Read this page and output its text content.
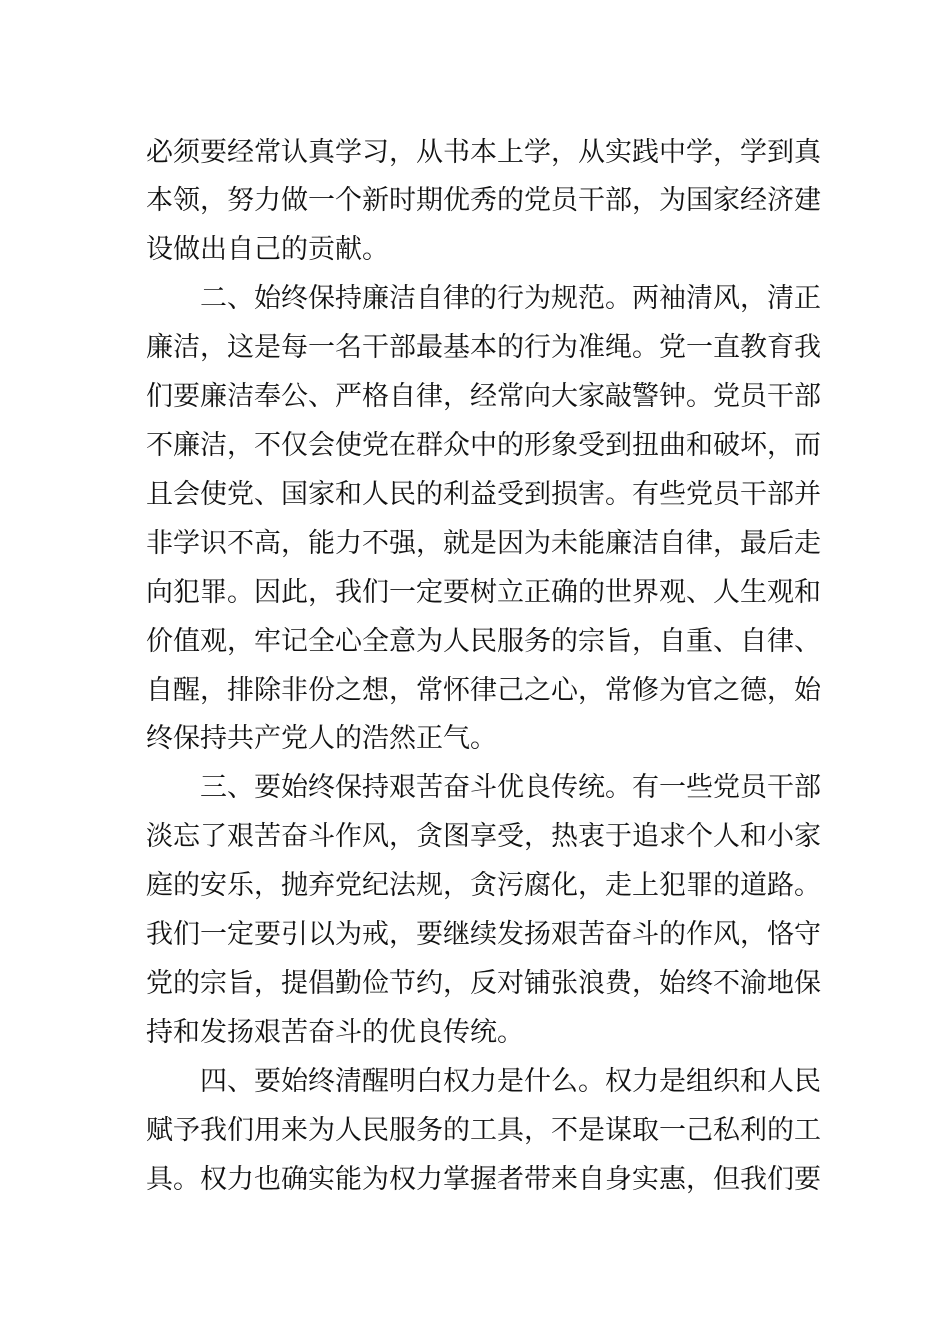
必须要经常认真学习，从书本上学，从实践中学，学到真
本领，努力做一个新时期优秀的党员干部，为国家经济建
设做出自己的贡献。
二、始终保持廉洁自律的行为规范。两袖清风，清正
廉洁，这是每一名干部最基本的行为准绳。党一直教育我
们要廉洁奉公、严格自律，经常向大家敲警钟。党员干部
不廉洁，不仅会使党在群众中的形象受到扭曲和破坏，而
且会使党、国家和人民的利益受到损害。有些党员干部并
非学识不高，能力不强，就是因为未能廉洁自律，最后走
向犯罪。因此，我们一定要树立正确的世界观、人生观和
价值观，牢记全心全意为人民服务的宗旨，自重、自律、
自醒，排除非份之想，常怀律己之心，常修为官之德，始
终保持共产党人的浩然正气。
三、要始终保持艰苦奋斗优良传统。有一些党员干部
淡忘了艰苦奋斗作风，贪图享受，热衷于追求个人和小家
庭的安乐，抛弃党纪法规，贪污腐化，走上犯罪的道路。
我们一定要引以为戒，要继续发扬艰苦奋斗的作风，恪守
党的宗旨，提倡勤俭节约，反对铺张浪费，始终不渝地保
持和发扬艰苦奋斗的优良传统。
四、要始终清醒明白权力是什么。权力是组织和人民
赋予我们用来为人民服务的工具，不是谋取一己私利的工
具。权力也确实能为权力掌握者带来自身实惠，但我们要
